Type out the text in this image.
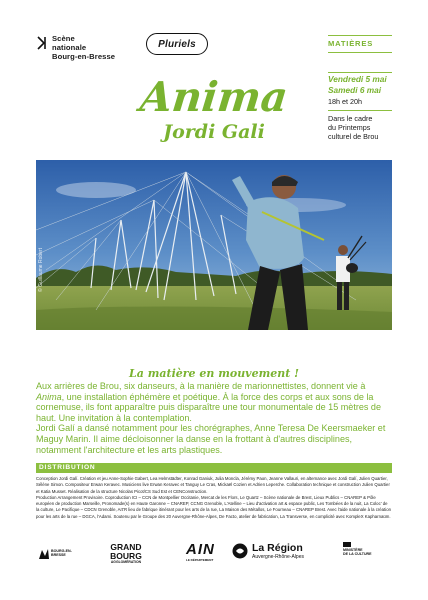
Scène
nationale
Bourg-en-Bresse
Pluriels	MATIÈRES
Anima
Jordi Gali
Vendredi 5 mai
Samedi 6 mai
18h et 20h
Dans le cadre
du Printemps
culturel de Brou
© Guillaume Robert
La matière en mouvement !

Aux arrières de Brou, six danseurs, à la manière de marionnettistes, donnent vie à Anima, une installation éphémère et poétique. À la force des corps et aux sons de la cornemuse, ils font apparaître puis disparaître une tour monumentale de 15 mètres de haut. Une invitation à la contemplation.

Jordi Galí a dansé notamment pour les chorégraphes, Anne Teresa De Keersmaeker et Maguy Marin. Il aime décloisonner la danse en la frottant à d'autres disciplines, notamment l'architecture et les arts plastiques.

DISTRIBUTION

Conception Jordi Galí. Création et jeu Anne-Sophie Gabert, Lea Helmstädter, Konrad Ganiuk, Julia Moncla, Jérémy Paon, Jeanne Vallauri, en alternance avec Jordi Galí, Julien Quartier, Sélène Simon. Compositeur Erwan Keravec. Musiciens live Erwan Keravec et Tanguy Le Cras, Mickaël Cozien et Adrien Leperche. Collaboration technique et construction Julien Quartier et Katia Musset. Réalisation de la structure Nicolas Picot/CS Sud Est et CENConstruction.

Production Arrangement Provisoire. Coproduction ICI – CCN de Montpellier Occitanie, Mercat de les Flors, Le Quartz – Scène nationale de Brest, Lieux Publics – CNAREP & Pôle européen de production Marseille, Pronomade(s) en Haute Garonne – CNAREP, CCNG Grenoble, L'Atelline – Lieu d'activation art & espace public, Les Tombées de la nuit, La Coloc' de la culture, Le Pacifique – CDCN Grenoble, Art'R lieu de fabrique itinérant pour les arts de la rue, La Maison des Métallos, Le Fourneau – CNAREP Brest. Avec l'aide nationale à la création pour les arts de la rue – DGCA, l'Adami. Soutenu par le Groupe des 20 Auvergne-Rhône-Alpes, De Facto, atelier de fabrication, La Transverse, en complicité avec KompleX Kapharnaüm.

BOURG-EN-BRESSE
GRAND
BOURG
AGGLOMÉRATION
AIN
LE DÉPARTEMENT
La Région
Auvergne-Rhône-Alpes
MINISTÈRE
DE LA CULTURE
